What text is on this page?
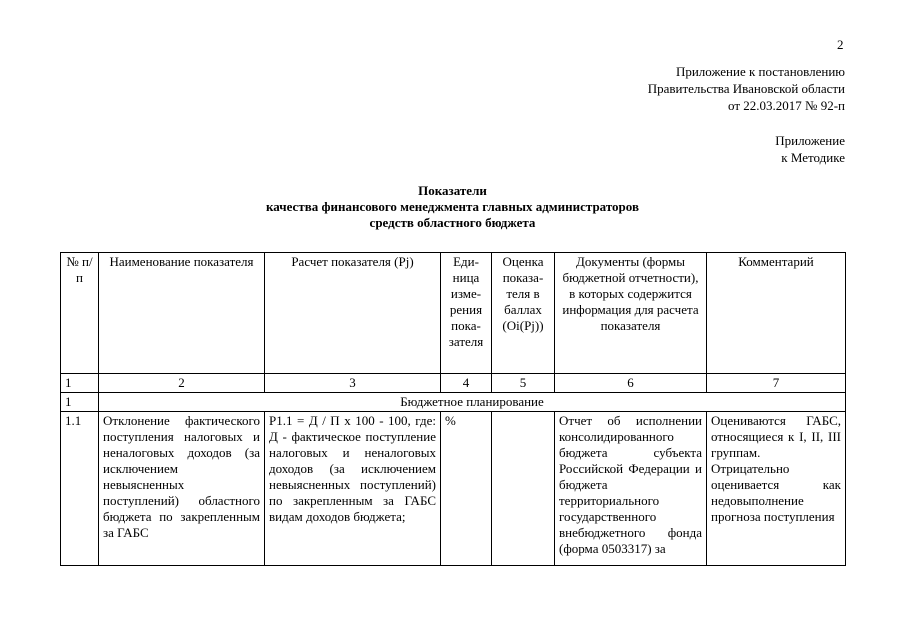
2
Приложение к постановлению
Правительства Ивановской области
от 22.03.2017 № 92-п
Приложение
к Методике
Показатели
качества финансового менеджмента главных администраторов
средств областного бюджета
№ п/п	Наименование показателя	Расчет показателя (Pj)	Еди-ница изме-рения пока-зателя	Оценка показа-теля в баллах (Oi(Pj))	Документы (формы бюджетной отчетности), в которых содержится информация для расчета показателя	Комментарий
1	2	3	4	5	6	7
1	Бюджетное планирование					
1.1	Отклонение фактического поступления налоговых и неналоговых доходов (за исключением невыясненных поступлений) областного бюджета по закрепленным за ГАБС	P1.1 = Д / П x 100 - 100, где: Д - фактическое поступление налоговых и неналоговых доходов (за исключением невыясненных поступлений) по закрепленным за ГАБС видам доходов бюджета;	%		Отчет об исполнении консолидированного бюджета субъекта Российской Федерации и бюджета территориального государственного внебюджетного фонда (форма 0503317) за	Оцениваются ГАБС, относящиеся к I, II, III группам. Отрицательно оценивается как недовыполнение прогноза поступления
